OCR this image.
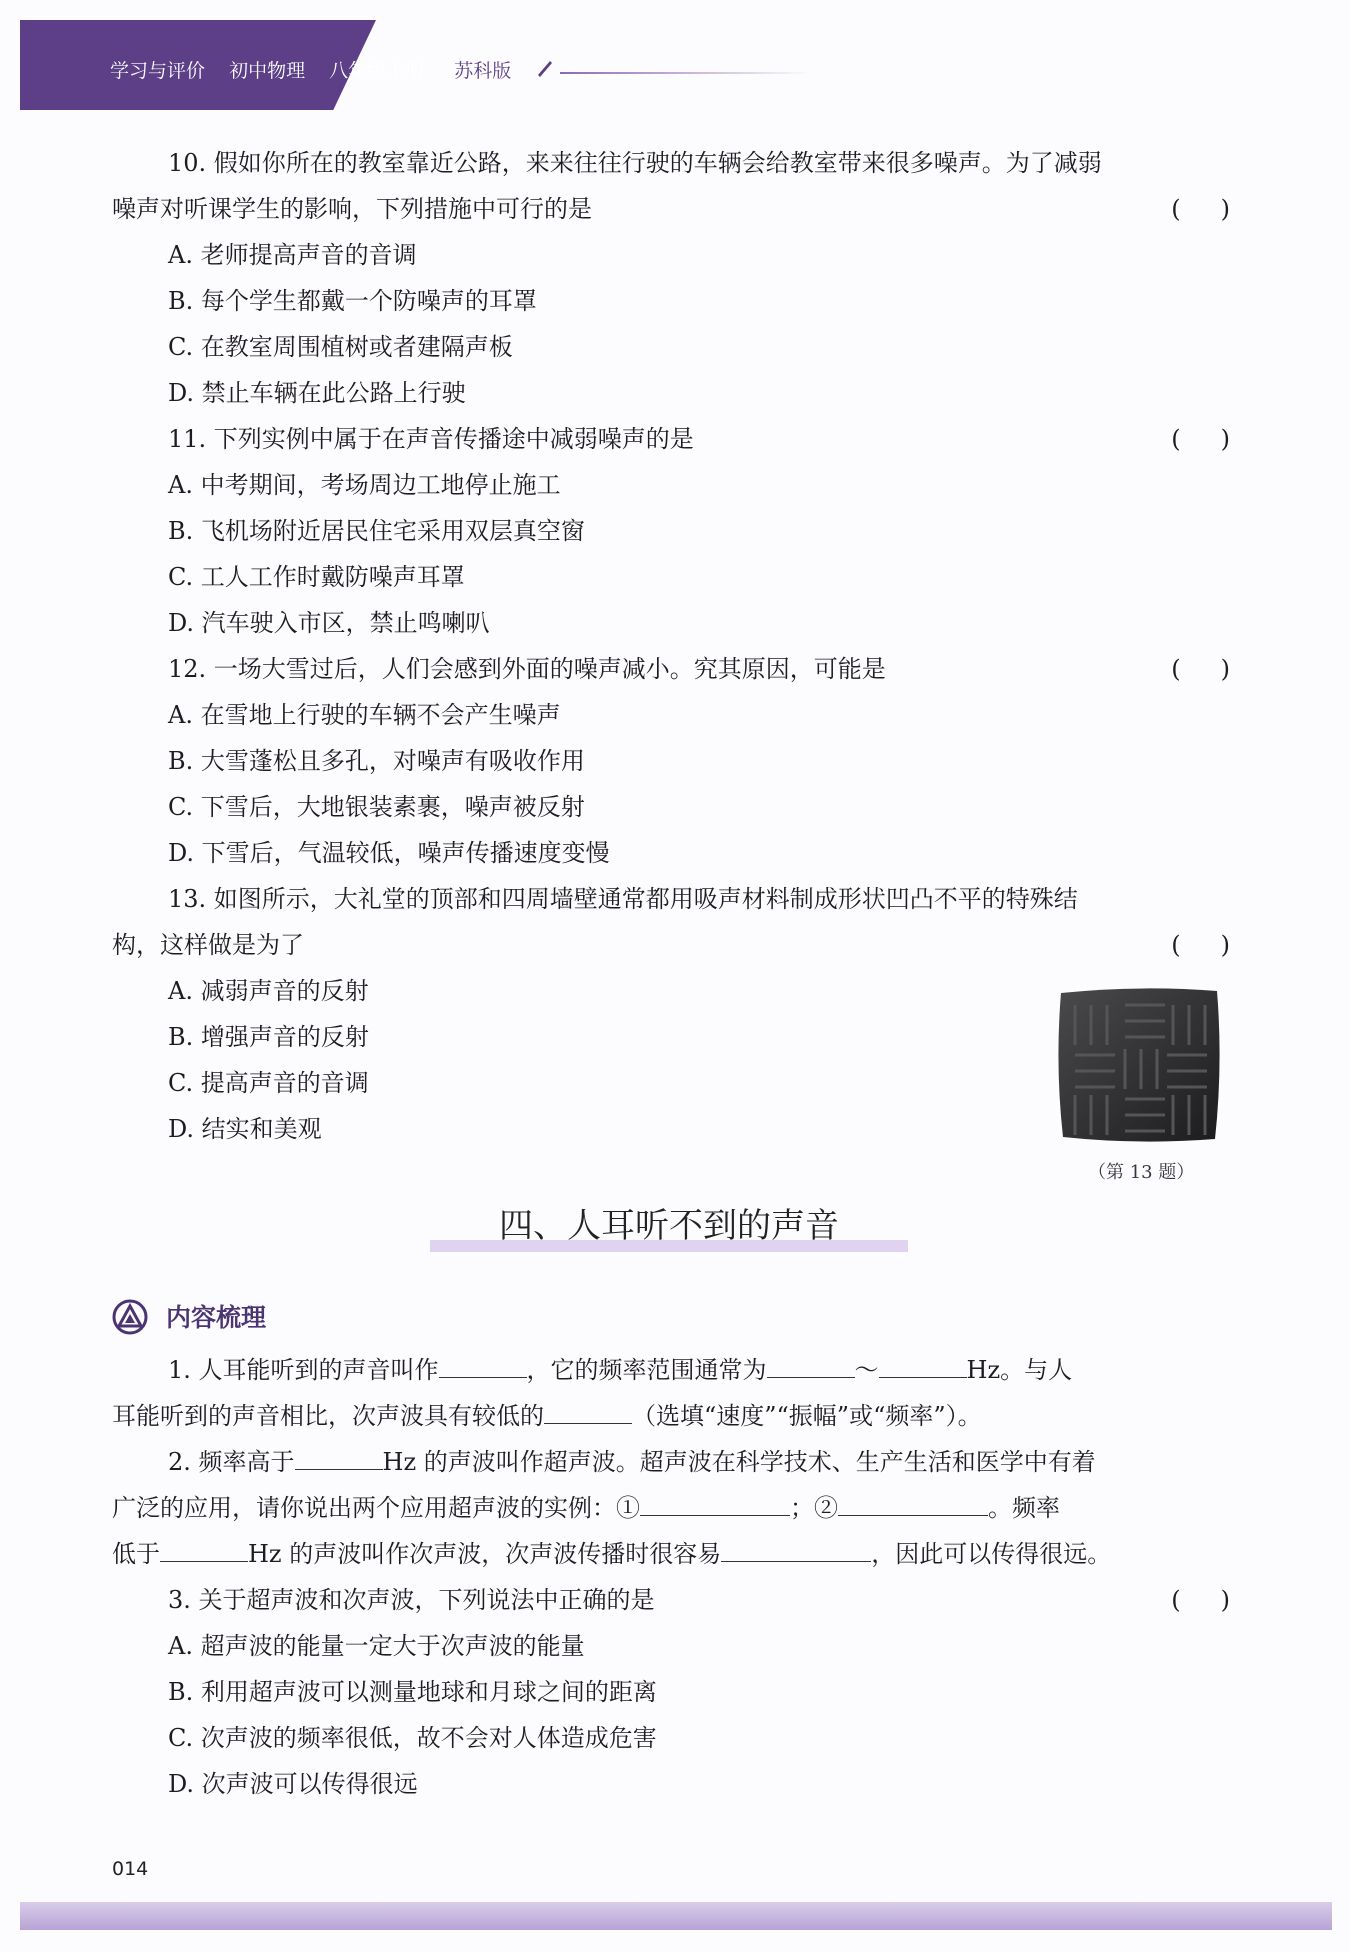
学习与评价 初中物理 八年级上册 苏科版
10. 假如你所在的教室靠近公路，来来往往行驶的车辆会给教室带来很多噪声。为了减弱
噪声对听课学生的影响，下列措施中可行的是	( )
A. 老师提高声音的音调
B. 每个学生都戴一个防噪声的耳罩
C. 在教室周围植树或者建隔声板
D. 禁止车辆在此公路上行驶
11. 下列实例中属于在声音传播途中减弱噪声的是	( )
A. 中考期间，考场周边工地停止施工
B. 飞机场附近居民住宅采用双层真空窗
C. 工人工作时戴防噪声耳罩
D. 汽车驶入市区，禁止鸣喇叭
12. 一场大雪过后，人们会感到外面的噪声减小。究其原因，可能是	( )
A. 在雪地上行驶的车辆不会产生噪声
B. 大雪蓬松且多孔，对噪声有吸收作用
C. 下雪后，大地银装素裹，噪声被反射
D. 下雪后，气温较低，噪声传播速度变慢
13. 如图所示，大礼堂的顶部和四周墙壁通常都用吸声材料制成形状凹凸不平的特殊结
构，这样做是为了	( )
A. 减弱声音的反射
B. 增强声音的反射
C. 提高声音的音调
D. 结实和美观
（第 13 题）
四、人耳听不到的声音
内容梳理
1. 人耳能听到的声音叫作	，它的频率范围通常为	～	Hz。与人
耳能听到的声音相比，次声波具有较低的	（选填“速度”“振幅”或“频率”）。
2. 频率高于	Hz 的声波叫作超声波。超声波在科学技术、生产生活和医学中有着
广泛的应用，请你说出两个应用超声波的实例：①	；②	。频率
低于	Hz 的声波叫作次声波，次声波传播时很容易	，因此可以传得很远。
3. 关于超声波和次声波，下列说法中正确的是	( )
A. 超声波的能量一定大于次声波的能量
B. 利用超声波可以测量地球和月球之间的距离
C. 次声波的频率很低，故不会对人体造成危害
D. 次声波可以传得很远
014
